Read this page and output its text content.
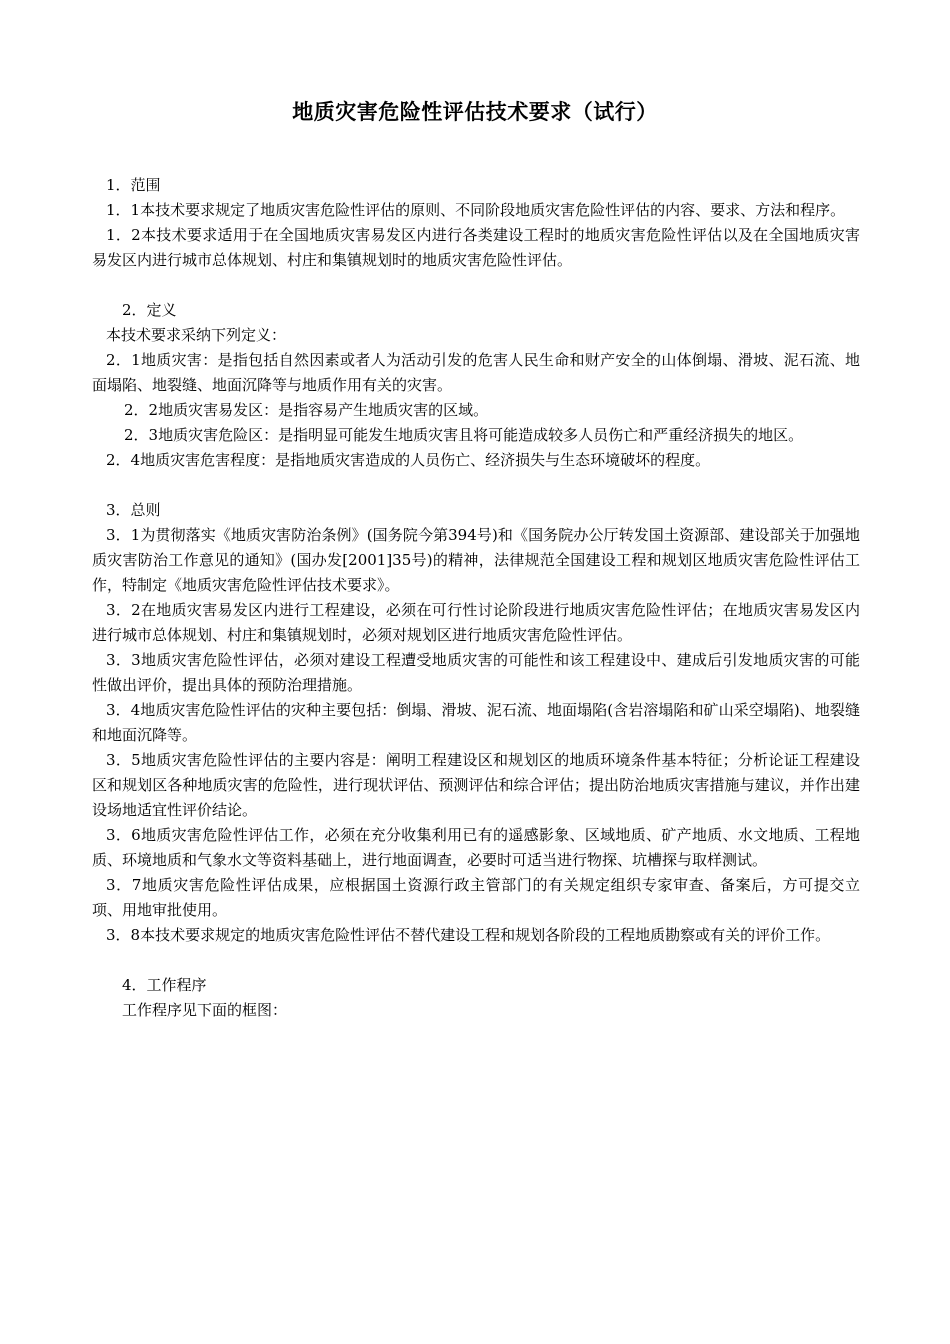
地质灾害危险性评估技术要求（试行）

1．范围

1．1本技术要求规定了地质灾害危险性评估的原则、不同阶段地质灾害危险性评估的内容、要求、方法和程序。

1．2本技术要求适用于在全国地质灾害易发区内进行各类建设工程时的地质灾害危险性评估以及在全国地质灾害易发区内进行城市总体规划、村庄和集镇规划时的地质灾害危险性评估。

2．定义

本技术要求采纳下列定义：

2．1地质灾害：是指包括自然因素或者人为活动引发的危害人民生命和财产安全的山体倒塌、滑坡、泥石流、地面塌陷、地裂缝、地面沉降等与地质作用有关的灾害。

2．2地质灾害易发区：是指容易产生地质灾害的区域。

2．3地质灾害危险区：是指明显可能发生地质灾害且将可能造成较多人员伤亡和严重经济损失的地区。

2．4地质灾害危害程度：是指地质灾害造成的人员伤亡、经济损失与生态环境破坏的程度。

3．总则

3．1为贯彻落实《地质灾害防治条例》(国务院今第394号)和《国务院办公厅转发国土资源部、建设部关于加强地质灾害防治工作意见的通知》(国办发[2001]35号)的精神，法律规范全国建设工程和规划区地质灾害危险性评估工作，特制定《地质灾害危险性评估技术要求》。

3．2在地质灾害易发区内进行工程建设，必须在可行性讨论阶段进行地质灾害危险性评估；在地质灾害易发区内进行城市总体规划、村庄和集镇规划时，必须对规划区进行地质灾害危险性评估。

3．3地质灾害危险性评估，必须对建设工程遭受地质灾害的可能性和该工程建设中、建成后引发地质灾害的可能性做出评价，提出具体的预防治理措施。

3．4地质灾害危险性评估的灾种主要包括：倒塌、滑坡、泥石流、地面塌陷(含岩溶塌陷和矿山采空塌陷)、地裂缝和地面沉降等。

3．5地质灾害危险性评估的主要内容是：阐明工程建设区和规划区的地质环境条件基本特征；分析论证工程建设区和规划区各种地质灾害的危险性，进行现状评估、预测评估和综合评估；提出防治地质灾害措施与建议，并作出建设场地适宜性评价结论。

3．6地质灾害危险性评估工作，必须在充分收集利用已有的遥感影象、区域地质、矿产地质、水文地质、工程地质、环境地质和气象水文等资料基础上，进行地面调查，必要时可适当进行物探、坑槽探与取样测试。

3．7地质灾害危险性评估成果，应根据国土资源行政主管部门的有关规定组织专家审查、备案后，方可提交立项、用地审批使用。

3．8本技术要求规定的地质灾害危险性评估不替代建设工程和规划各阶段的工程地质勘察或有关的评价工作。

4．工作程序

工作程序见下面的框图：
